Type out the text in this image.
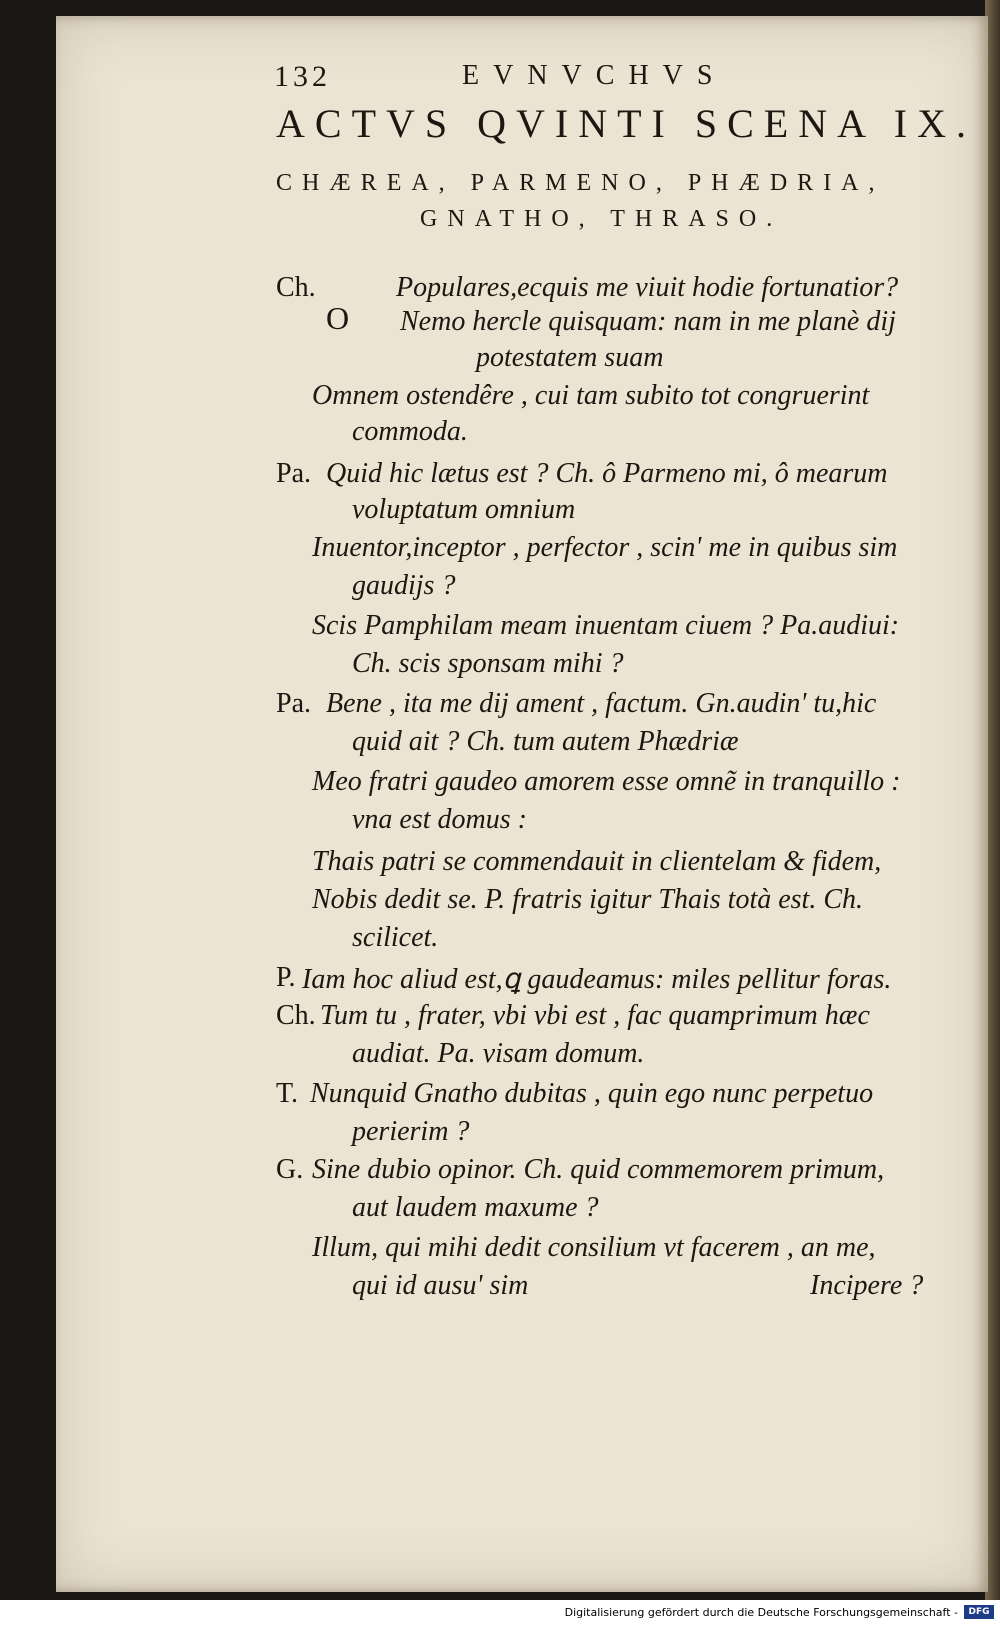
132	EVNVCHVS
ACTVS QVINTI SCENA IX.
CHÆREA, PARMENO, PHÆDRIA,
GNATHO, THRASO.
O
Ch.	Populares,ecquis me viuit hodie fortunatior?
Nemo hercle quisquam: nam in me planè dij
potestatem suam
Omnem ostendêre , cui tam subito tot congruerint
commoda.
Pa. Quid hic lætus est ? Ch. ô Parmeno mi, ô mearum
voluptatum omnium
Inuentor,inceptor , perfector , scin' me in quibus sim
gaudijs ?
Scis Pamphilam meam inuentam ciuem ? Pa.audiui:
Ch. scis sponsam mihi ?
Pa. Bene , ita me dij ament , factum. Gn.audin' tu,hic
quid ait ? Ch. tum autem Phædriæ
Meo fratri gaudeo amorem esse omnẽ in tranquillo :
vna est domus :
Thais patri se commendauit in clientelam & fidem,
Nobis dedit se. P. fratris igitur Thais totà est. Ch.
scilicet.
P. Iam hoc aliud est,ꝗ gaudeamus: miles pellitur foras.
Ch. Tum tu , frater, vbi vbi est , fac quamprimum hæc
audiat. Pa. visam domum.
T. Nunquid Gnatho dubitas , quin ego nunc perpetuo
perierim ?
G. Sine dubio opinor. Ch. quid commemorem primum,
aut laudem maxume ?
Illum, qui mihi dedit consilium vt facerem , an me,
qui id ausu' sim	Incipere ?
Digitalisierung gefördert durch die Deutsche Forschungsgemeinschaft -	DFG
